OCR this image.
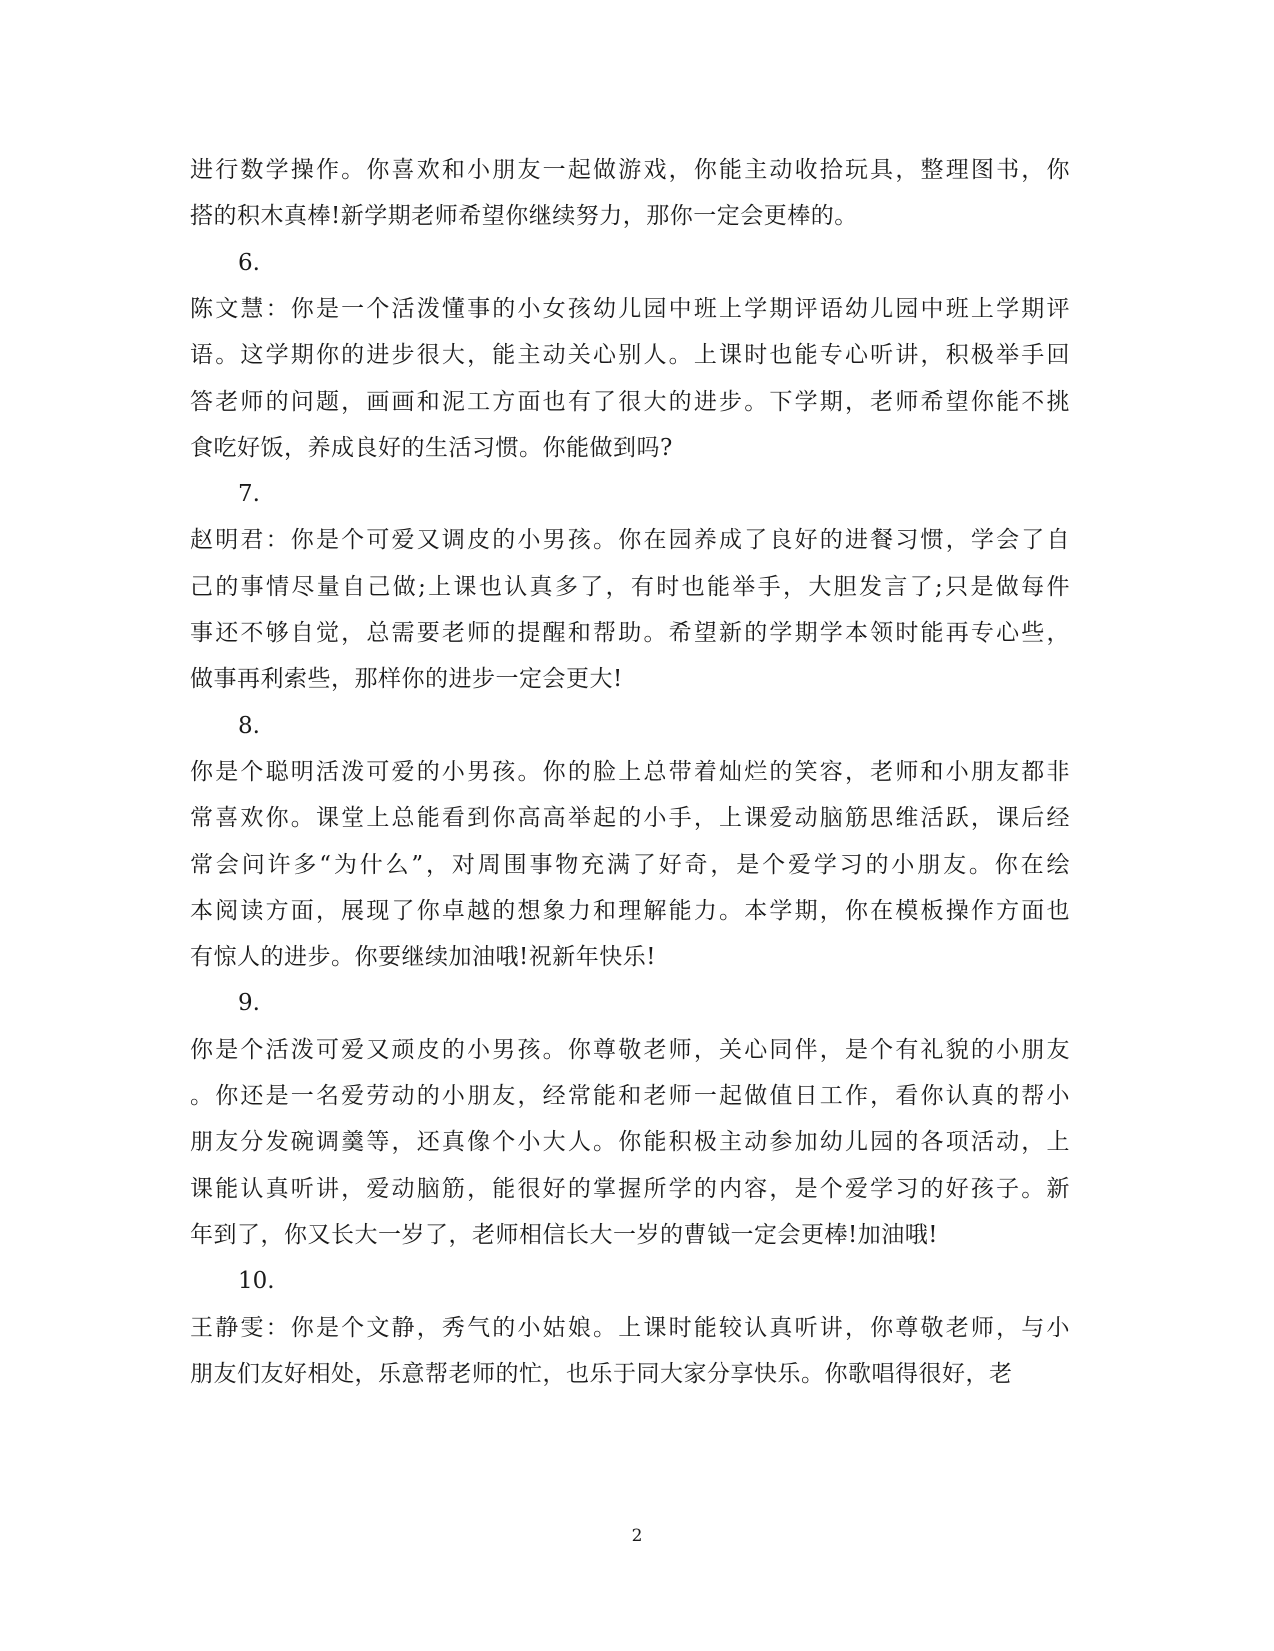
进行数学操作。你喜欢和小朋友一起做游戏，你能主动收拾玩具，整理图书，你
搭的积木真棒!新学期老师希望你继续努力，那你一定会更棒的。
6.
陈文慧：你是一个活泼懂事的小女孩幼儿园中班上学期评语幼儿园中班上学期评
语。这学期你的进步很大，能主动关心别人。上课时也能专心听讲，积极举手回
答老师的问题，画画和泥工方面也有了很大的进步。下学期，老师希望你能不挑
食吃好饭，养成良好的生活习惯。你能做到吗?
7.
赵明君：你是个可爱又调皮的小男孩。你在园养成了良好的进餐习惯，学会了自
己的事情尽量自己做;上课也认真多了，有时也能举手，大胆发言了;只是做每件
事还不够自觉，总需要老师的提醒和帮助。希望新的学期学本领时能再专心些，
做事再利索些，那样你的进步一定会更大!
8.
你是个聪明活泼可爱的小男孩。你的脸上总带着灿烂的笑容，老师和小朋友都非
常喜欢你。课堂上总能看到你高高举起的小手，上课爱动脑筋思维活跃，课后经
常会问许多“为什么”，对周围事物充满了好奇，是个爱学习的小朋友。你在绘
本阅读方面，展现了你卓越的想象力和理解能力。本学期，你在模板操作方面也
有惊人的进步。你要继续加油哦!祝新年快乐!
9.
你是个活泼可爱又顽皮的小男孩。你尊敬老师，关心同伴，是个有礼貌的小朋友
。你还是一名爱劳动的小朋友，经常能和老师一起做值日工作，看你认真的帮小
朋友分发碗调羹等，还真像个小大人。你能积极主动参加幼儿园的各项活动，上
课能认真听讲，爱动脑筋，能很好的掌握所学的内容，是个爱学习的好孩子。新
年到了，你又长大一岁了，老师相信长大一岁的曹钺一定会更棒!加油哦!
10.
王静雯：你是个文静，秀气的小姑娘。上课时能较认真听讲，你尊敬老师，与小
朋友们友好相处，乐意帮老师的忙，也乐于同大家分享快乐。你歌唱得很好，老
2
